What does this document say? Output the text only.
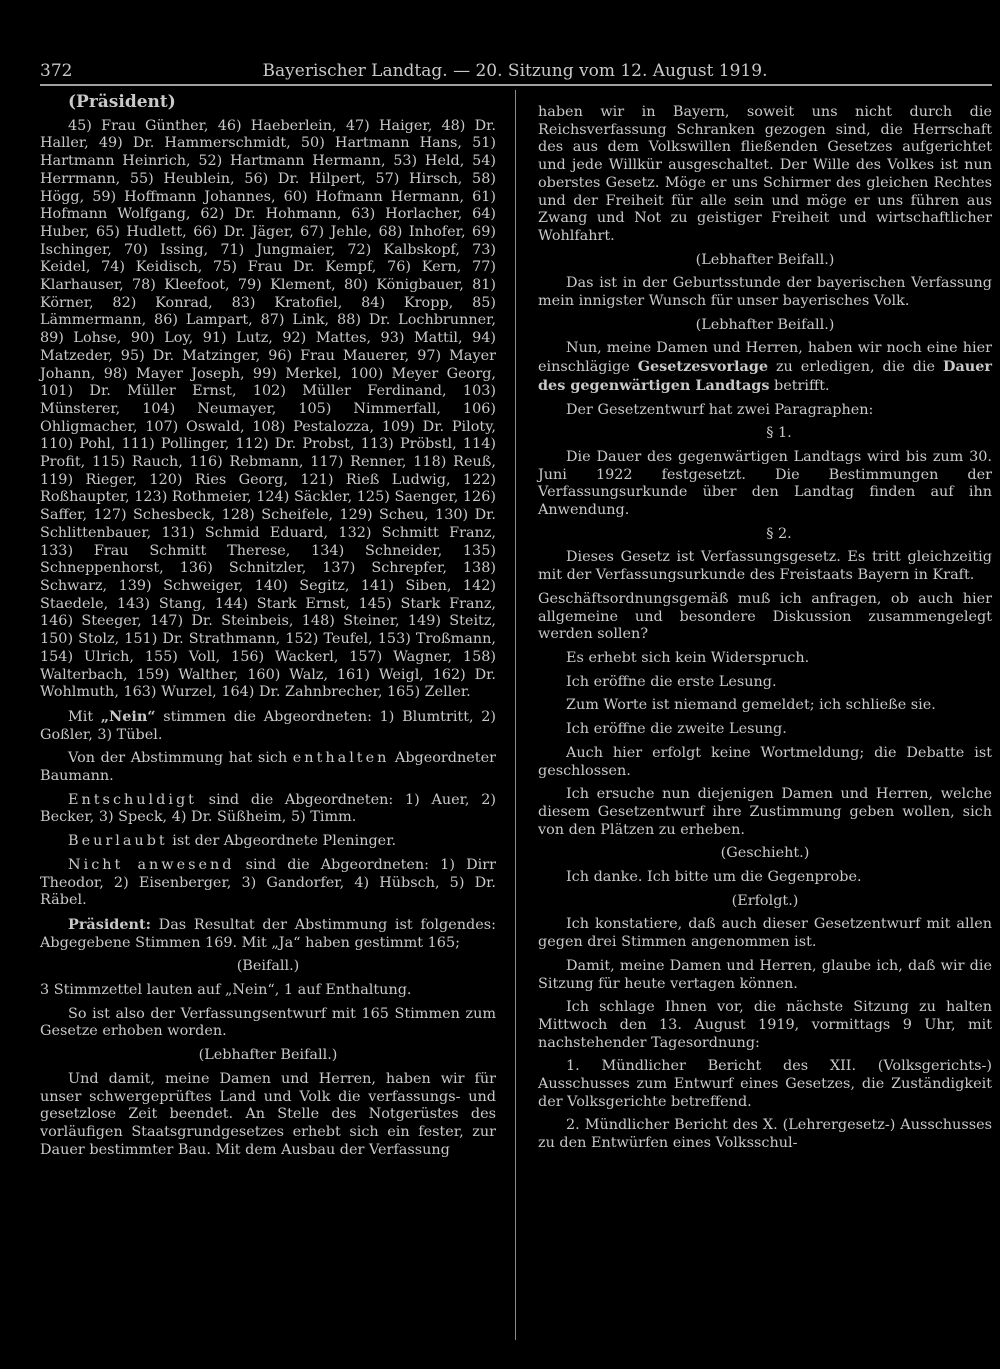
372	Bayerischer Landtag. — 20. Sitzung vom 12. August 1919.

(Präsident)

45) Frau Günther, 46) Haeberlein, 47) Haiger, 48) Dr. Haller, 49) Dr. Hammerschmidt, 50) Hartmann Hans, 51) Hartmann Heinrich, 52) Hartmann Hermann, 53) Held, 54) Herrmann, 55) Heublein, 56) Dr. Hilpert, 57) Hirsch, 58) Högg, 59) Hoffmann Johannes, 60) Hofmann Hermann, 61) Hofmann Wolfgang, 62) Dr. Hohmann, 63) Horlacher, 64) Huber, 65) Hudlett, 66) Dr. Jäger, 67) Jehle, 68) Inhofer, 69) Ischinger, 70) Issing, 71) Jungmaier, 72) Kalbskopf, 73) Keidel, 74) Keidisch, 75) Frau Dr. Kempf, 76) Kern, 77) Klarhauser, 78) Kleefoot, 79) Klement, 80) Königbauer, 81) Körner, 82) Konrad, 83) Kratofiel, 84) Kropp, 85) Lämmermann, 86) Lampart, 87) Link, 88) Dr. Lochbrunner, 89) Lohse, 90) Loy, 91) Lutz, 92) Mattes, 93) Mattil, 94) Matzeder, 95) Dr. Matzinger, 96) Frau Mauerer, 97) Mayer Johann, 98) Mayer Joseph, 99) Merkel, 100) Meyer Georg, 101) Dr. Müller Ernst, 102) Müller Ferdinand, 103) Münsterer, 104) Neumayer, 105) Nimmerfall, 106) Ohligmacher, 107) Oswald, 108) Pestalozza, 109) Dr. Piloty, 110) Pohl, 111) Pollinger, 112) Dr. Probst, 113) Pröbstl, 114) Profit, 115) Rauch, 116) Rebmann, 117) Renner, 118) Reuß, 119) Rieger, 120) Ries Georg, 121) Rieß Ludwig, 122) Roßhaupter, 123) Rothmeier, 124) Säckler, 125) Saenger, 126) Saffer, 127) Schesbeck, 128) Scheifele, 129) Scheu, 130) Dr. Schlittenbauer, 131) Schmid Eduard, 132) Schmitt Franz, 133) Frau Schmitt Therese, 134) Schneider, 135) Schneppenhorst, 136) Schnitzler, 137) Schrepfer, 138) Schwarz, 139) Schweiger, 140) Segitz, 141) Siben, 142) Staedele, 143) Stang, 144) Stark Ernst, 145) Stark Franz, 146) Steeger, 147) Dr. Steinbeis, 148) Steiner, 149) Steitz, 150) Stolz, 151) Dr. Strathmann, 152) Teufel, 153) Troßmann, 154) Ulrich, 155) Voll, 156) Wackerl, 157) Wagner, 158) Walterbach, 159) Walther, 160) Walz, 161) Weigl, 162) Dr. Wohlmuth, 163) Wurzel, 164) Dr. Zahnbrecher, 165) Zeller.

Mit „Nein“ stimmen die Abgeordneten: 1) Blumtritt, 2) Goßler, 3) Tübel.

Von der Abstimmung hat sich enthalten Abgeordneter Baumann.

Entschuldigt sind die Abgeordneten: 1) Auer, 2) Becker, 3) Speck, 4) Dr. Süßheim, 5) Timm.

Beurlaubt ist der Abgeordnete Pleninger.

Nicht anwesend sind die Abgeordneten: 1) Dirr Theodor, 2) Eisenberger, 3) Gandorfer, 4) Hübsch, 5) Dr. Räbel.

Präsident: Das Resultat der Abstimmung ist folgendes: Abgegebene Stimmen 169. Mit „Ja“ haben gestimmt 165;

(Beifall.)

3 Stimmzettel lauten auf „Nein“, 1 auf Enthaltung.

So ist also der Verfassungsentwurf mit 165 Stimmen zum Gesetze erhoben worden.

(Lebhafter Beifall.)

Und damit, meine Damen und Herren, haben wir für unser schwergeprüftes Land und Volk die verfassungs- und gesetzlose Zeit beendet. An Stelle des Notgerüstes des vorläufigen Staatsgrundgesetzes erhebt sich ein fester, zur Dauer bestimmter Bau. Mit dem Ausbau der Verfassung

haben wir in Bayern, soweit uns nicht durch die Reichsverfassung Schranken gezogen sind, die Herrschaft des aus dem Volkswillen fließenden Gesetzes aufgerichtet und jede Willkür ausgeschaltet. Der Wille des Volkes ist nun oberstes Gesetz. Möge er uns Schirmer des gleichen Rechtes und der Freiheit für alle sein und möge er uns führen aus Zwang und Not zu geistiger Freiheit und wirtschaftlicher Wohlfahrt.

(Lebhafter Beifall.)

Das ist in der Geburtsstunde der bayerischen Verfassung mein innigster Wunsch für unser bayerisches Volk.

(Lebhafter Beifall.)

Nun, meine Damen und Herren, haben wir noch eine hier einschlägige Gesetzesvorlage zu erledigen, die die Dauer des gegenwärtigen Landtags betrifft.

Der Gesetzentwurf hat zwei Paragraphen:

§ 1.

Die Dauer des gegenwärtigen Landtags wird bis zum 30. Juni 1922 festgesetzt. Die Bestimmungen der Verfassungsurkunde über den Landtag finden auf ihn Anwendung.

§ 2.

Dieses Gesetz ist Verfassungsgesetz. Es tritt gleichzeitig mit der Verfassungsurkunde des Freistaats Bayern in Kraft.

Geschäftsordnungsgemäß muß ich anfragen, ob auch hier allgemeine und besondere Diskussion zusammengelegt werden sollen?

Es erhebt sich kein Widerspruch.

Ich eröffne die erste Lesung.

Zum Worte ist niemand gemeldet; ich schließe sie.

Ich eröffne die zweite Lesung.

Auch hier erfolgt keine Wortmeldung; die Debatte ist geschlossen.

Ich ersuche nun diejenigen Damen und Herren, welche diesem Gesetzentwurf ihre Zustimmung geben wollen, sich von den Plätzen zu erheben.

(Geschieht.)

Ich danke. Ich bitte um die Gegenprobe.

(Erfolgt.)

Ich konstatiere, daß auch dieser Gesetzentwurf mit allen gegen drei Stimmen angenommen ist.

Damit, meine Damen und Herren, glaube ich, daß wir die Sitzung für heute vertagen können.

Ich schlage Ihnen vor, die nächste Sitzung zu halten Mittwoch den 13. August 1919, vormittags 9 Uhr, mit nachstehender Tagesordnung:

1. Mündlicher Bericht des XII. (Volksgerichts-) Ausschusses zum Entwurf eines Gesetzes, die Zuständigkeit der Volksgerichte betreffend.

2. Mündlicher Bericht des X. (Lehrergesetz-) Ausschusses zu den Entwürfen eines Volksschul-
